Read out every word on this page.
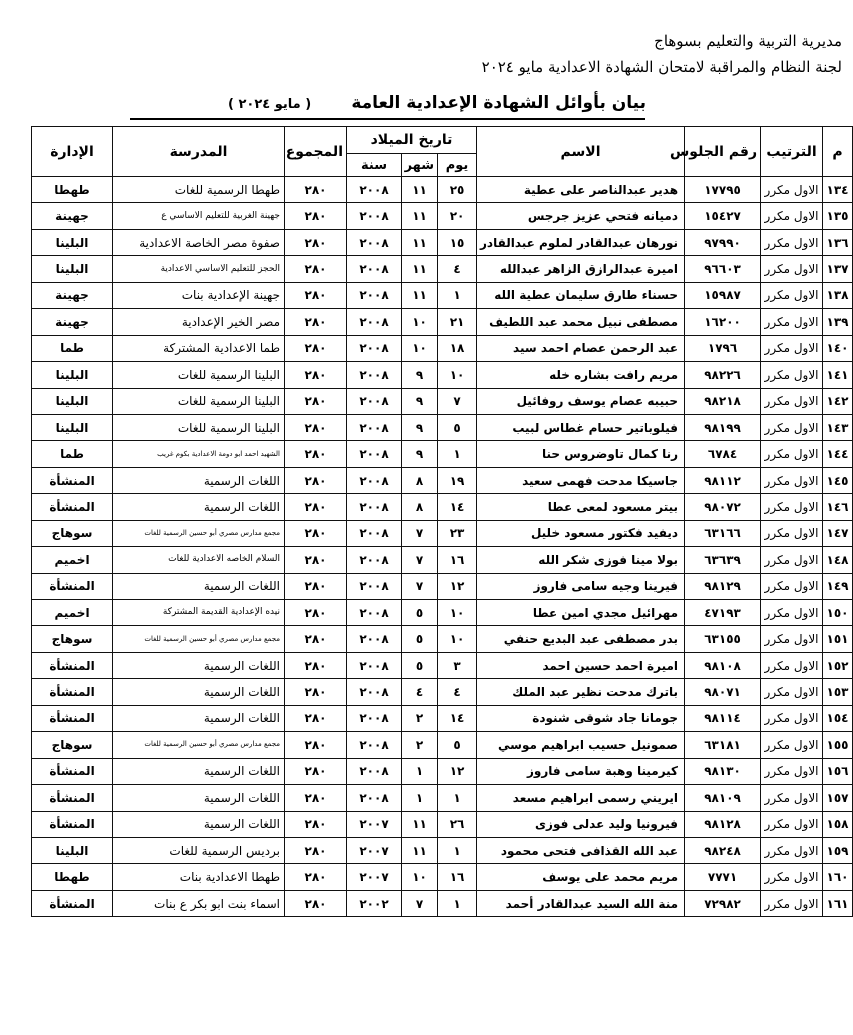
مديرية التربية والتعليم بسوهاج
لجنة النظام والمراقبة لامتحان الشهادة الاعدادية مايو ٢٠٢٤
بيان بأوائل الشهادة الإعدادية العامة
( مايو ٢٠٢٤ )
م	الترتيب	رقم الجلوس	الاسم	تاريخ الميلاد			المجموع	المدرسة	الإدارة
				يوم	شهر	سنة			
١٣٤	الاول مكرر	١٧٧٩٥	هدير عبدالناصر على عطية	٢٥	١١	٢٠٠٨	٢٨٠	طهطا الرسمية للغات	طهطا
١٣٥	الاول مكرر	١٥٤٢٧	دميانه فتحي عزيز جرجس	٢٠	١١	٢٠٠٨	٢٨٠	جهينة الغربية للتعليم الاساسي ع	جهينة
١٣٦	الاول مكرر	٩٧٩٩٠	نورهان عبدالقادر لملوم عبدالقادر	١٥	١١	٢٠٠٨	٢٨٠	صفوة مصر الخاصة الاعدادية	البلينا
١٣٧	الاول مكرر	٩٦٦٠٣	اميرة عبدالرازق الزاهر عبدالله	٤	١١	٢٠٠٨	٢٨٠	الحجز للتعليم الاساسي الاعدادية	البلينا
١٣٨	الاول مكرر	١٥٩٨٧	حسناء طارق سليمان عطية الله	١	١١	٢٠٠٨	٢٨٠	جهينة الإعدادية بنات	جهينة
١٣٩	الاول مكرر	١٦٢٠٠	مصطفى نبيل محمد عبد اللطيف	٢١	١٠	٢٠٠٨	٢٨٠	مصر الخير الإعدادية	جهينة
١٤٠	الاول مكرر	١٧٩٦	عبد الرحمن عصام احمد سيد	١٨	١٠	٢٠٠٨	٢٨٠	طما الاعدادية المشتركة	طما
١٤١	الاول مكرر	٩٨٢٢٦	مريم رافت بشاره خله	١٠	٩	٢٠٠٨	٢٨٠	البلينا الرسمية للغات	البلينا
١٤٢	الاول مكرر	٩٨٢١٨	حبيبه عصام يوسف روفائيل	٧	٩	٢٠٠٨	٢٨٠	البلينا الرسمية للغات	البلينا
١٤٣	الاول مكرر	٩٨١٩٩	فيلوباتير حسام غطاس لبيب	٥	٩	٢٠٠٨	٢٨٠	البلينا الرسمية للغات	البلينا
١٤٤	الاول مكرر	٦٧٨٤	رنا كمال تاوضروس حنا	١	٩	٢٠٠٨	٢٨٠	الشهيد احمد ابو دومة الاعدادية بكوم غريب	طما
١٤٥	الاول مكرر	٩٨١١٢	جاسيكا مدحت فهمى سعيد	١٩	٨	٢٠٠٨	٢٨٠	اللغات الرسمية	المنشأة
١٤٦	الاول مكرر	٩٨٠٧٢	بيتر مسعود لمعى عطا	١٤	٨	٢٠٠٨	٢٨٠	اللغات الرسمية	المنشأة
١٤٧	الاول مكرر	٦٣١٦٦	ديفيد فكتور مسعود خليل	٢٣	٧	٢٠٠٨	٢٨٠	مجمع مدارس مصري أبو حسين الرسمية للغات	سوهاج
١٤٨	الاول مكرر	٦٣٦٣٩	بولا مينا فوزى شكر الله	١٦	٧	٢٠٠٨	٢٨٠	السلام الخاصه الاعدادية للغات	اخميم
١٤٩	الاول مكرر	٩٨١٢٩	فيرينا وجيه سامى فاروز	١٢	٧	٢٠٠٨	٢٨٠	اللغات الرسمية	المنشأة
١٥٠	الاول مكرر	٤٧١٩٣	مهرائيل مجدي امين عطا	١٠	٥	٢٠٠٨	٢٨٠	نيده الإعدادية القديمة المشتركة	اخميم
١٥١	الاول مكرر	٦٣١٥٥	بدر مصطفى عبد البديع حنفي	١٠	٥	٢٠٠٨	٢٨٠	مجمع مدارس مصري أبو حسين الرسمية للغات	سوهاج
١٥٢	الاول مكرر	٩٨١٠٨	اميرة احمد حسين احمد	٣	٥	٢٠٠٨	٢٨٠	اللغات الرسمية	المنشأة
١٥٣	الاول مكرر	٩٨٠٧١	باترك مدحت نظير عبد الملك	٤	٤	٢٠٠٨	٢٨٠	اللغات الرسمية	المنشأة
١٥٤	الاول مكرر	٩٨١١٤	جومانا جاد شوقى شنودة	١٤	٢	٢٠٠٨	٢٨٠	اللغات الرسمية	المنشأة
١٥٥	الاول مكرر	٦٣١٨١	صمونيل حسيب ابراهيم موسي	٥	٢	٢٠٠٨	٢٨٠	مجمع مدارس مصري أبو حسين الرسمية للغات	سوهاج
١٥٦	الاول مكرر	٩٨١٣٠	كيرمينا وهبة سامى فاروز	١٢	١	٢٠٠٨	٢٨٠	اللغات الرسمية	المنشأة
١٥٧	الاول مكرر	٩٨١٠٩	ايريني رسمى ابراهيم مسعد	١	١	٢٠٠٨	٢٨٠	اللغات الرسمية	المنشأة
١٥٨	الاول مكرر	٩٨١٢٨	فيرونيا وليد عدلى فوزى	٢٦	١١	٢٠٠٧	٢٨٠	اللغات الرسمية	المنشأة
١٥٩	الاول مكرر	٩٨٢٤٨	عبد الله القذافى فتحى محمود	١	١١	٢٠٠٧	٢٨٠	برديس الرسمية للغات	البلينا
١٦٠	الاول مكرر	٧٧٧١	مريم محمد على يوسف	١٦	١٠	٢٠٠٧	٢٨٠	طهطا الاعدادية بنات	طهطا
١٦١	الاول مكرر	٧٢٩٨٢	منة الله السيد عبدالقادر أحمد	١	٧	٢٠٠٢	٢٨٠	اسماء بنت ابو بكر ع بنات	المنشأة
